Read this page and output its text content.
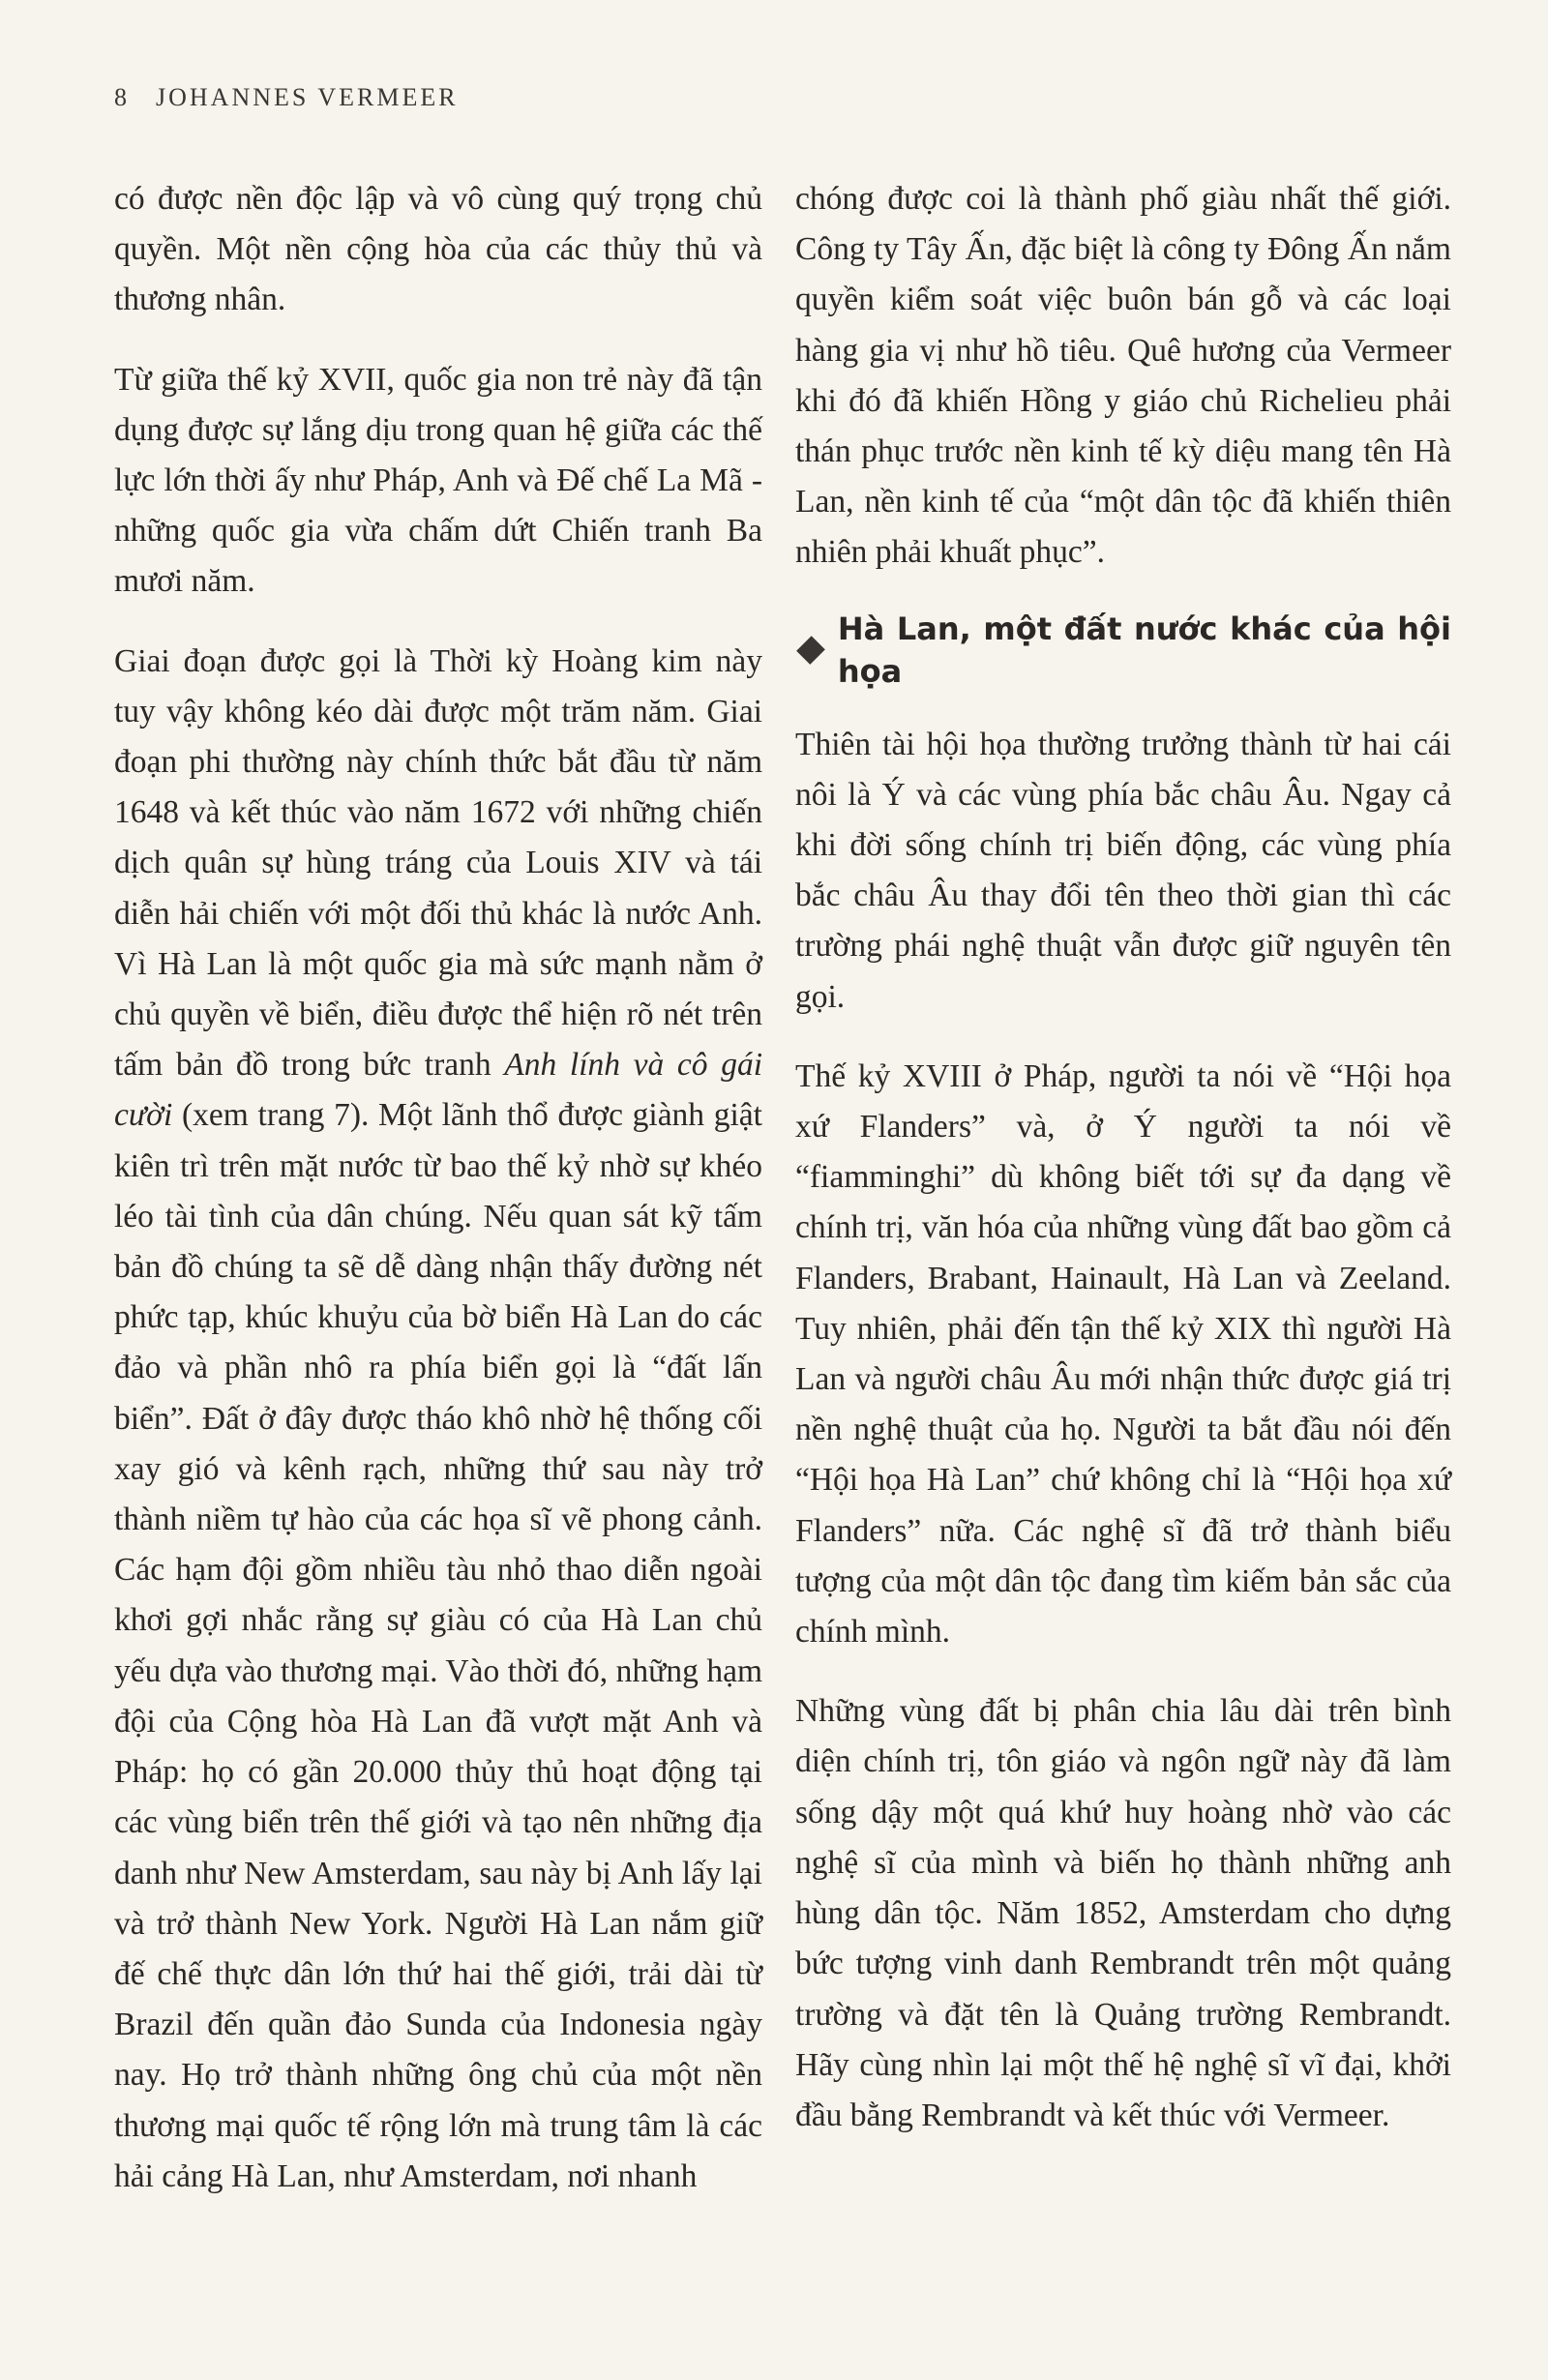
8 JOHANNES VERMEER

có được nền độc lập và vô cùng quý trọng chủ quyền. Một nền cộng hòa của các thủy thủ và thương nhân.

Từ giữa thế kỷ XVII, quốc gia non trẻ này đã tận dụng được sự lắng dịu trong quan hệ giữa các thế lực lớn thời ấy như Pháp, Anh và Đế chế La Mã - những quốc gia vừa chấm dứt Chiến tranh Ba mươi năm.

Giai đoạn được gọi là Thời kỳ Hoàng kim này tuy vậy không kéo dài được một trăm năm. Giai đoạn phi thường này chính thức bắt đầu từ năm 1648 và kết thúc vào năm 1672 với những chiến dịch quân sự hùng tráng của Louis XIV và tái diễn hải chiến với một đối thủ khác là nước Anh. Vì Hà Lan là một quốc gia mà sức mạnh nằm ở chủ quyền về biển, điều được thể hiện rõ nét trên tấm bản đồ trong bức tranh Anh lính và cô gái cười (xem trang 7). Một lãnh thổ được giành giật kiên trì trên mặt nước từ bao thế kỷ nhờ sự khéo léo tài tình của dân chúng. Nếu quan sát kỹ tấm bản đồ chúng ta sẽ dễ dàng nhận thấy đường nét phức tạp, khúc khuỷu của bờ biển Hà Lan do các đảo và phần nhô ra phía biển gọi là “đất lấn biển”. Đất ở đây được tháo khô nhờ hệ thống cối xay gió và kênh rạch, những thứ sau này trở thành niềm tự hào của các họa sĩ vẽ phong cảnh. Các hạm đội gồm nhiều tàu nhỏ thao diễn ngoài khơi gợi nhắc rằng sự giàu có của Hà Lan chủ yếu dựa vào thương mại. Vào thời đó, những hạm đội của Cộng hòa Hà Lan đã vượt mặt Anh và Pháp: họ có gần 20.000 thủy thủ hoạt động tại các vùng biển trên thế giới và tạo nên những địa danh như New Amsterdam, sau này bị Anh lấy lại và trở thành New York. Người Hà Lan nắm giữ đế chế thực dân lớn thứ hai thế giới, trải dài từ Brazil đến quần đảo Sunda của Indonesia ngày nay. Họ trở thành những ông chủ của một nền thương mại quốc tế rộng lớn mà trung tâm là các hải cảng Hà Lan, như Amsterdam, nơi nhanh

chóng được coi là thành phố giàu nhất thế giới. Công ty Tây Ấn, đặc biệt là công ty Đông Ấn nắm quyền kiểm soát việc buôn bán gỗ và các loại hàng gia vị như hồ tiêu. Quê hương của Vermeer khi đó đã khiến Hồng y giáo chủ Richelieu phải thán phục trước nền kinh tế kỳ diệu mang tên Hà Lan, nền kinh tế của “một dân tộc đã khiến thiên nhiên phải khuất phục”.

Hà Lan, một đất nước khác của hội họa

Thiên tài hội họa thường trưởng thành từ hai cái nôi là Ý và các vùng phía bắc châu Âu. Ngay cả khi đời sống chính trị biến động, các vùng phía bắc châu Âu thay đổi tên theo thời gian thì các trường phái nghệ thuật vẫn được giữ nguyên tên gọi.

Thế kỷ XVIII ở Pháp, người ta nói về “Hội họa xứ Flanders” và, ở Ý người ta nói về “fiamminghi” dù không biết tới sự đa dạng về chính trị, văn hóa của những vùng đất bao gồm cả Flanders, Brabant, Hainault, Hà Lan và Zeeland. Tuy nhiên, phải đến tận thế kỷ XIX thì người Hà Lan và người châu Âu mới nhận thức được giá trị nền nghệ thuật của họ. Người ta bắt đầu nói đến “Hội họa Hà Lan” chứ không chỉ là “Hội họa xứ Flanders” nữa. Các nghệ sĩ đã trở thành biểu tượng của một dân tộc đang tìm kiếm bản sắc của chính mình.

Những vùng đất bị phân chia lâu dài trên bình diện chính trị, tôn giáo và ngôn ngữ này đã làm sống dậy một quá khứ huy hoàng nhờ vào các nghệ sĩ của mình và biến họ thành những anh hùng dân tộc. Năm 1852, Amsterdam cho dựng bức tượng vinh danh Rembrandt trên một quảng trường và đặt tên là Quảng trường Rembrandt. Hãy cùng nhìn lại một thế hệ nghệ sĩ vĩ đại, khởi đầu bằng Rembrandt và kết thúc với Vermeer.
